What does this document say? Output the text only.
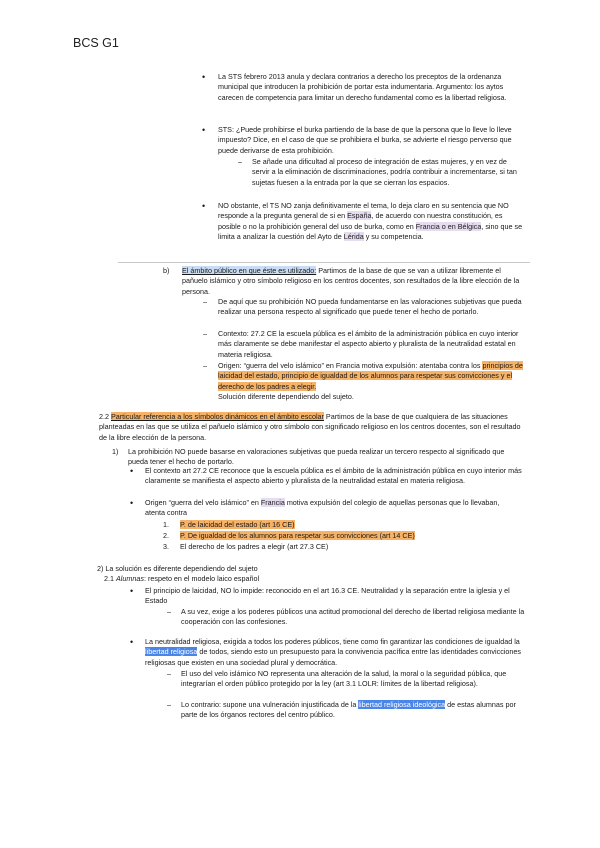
BCS G1
• La STS febrero 2013 anula y declara contrarios a derecho los preceptos de la ordenanza municipal que introducen la prohibición de portar esta indumentaria. Argumento: los aytos carecen de competencia para limitar un derecho fundamental como es la libertad religiosa.
• STS: ¿Puede prohibirse el burka partiendo de la base de que la persona que lo lleve lo lleve impuesto? Dice, en el caso de que se prohibiera el burka, se advierte el riesgo perverso que puede derivarse de esta prohibición.
– Se añade una dificultad al proceso de integración de estas mujeres, y en vez de servir a la eliminación de discriminaciones, podría contribuir a incrementarse, si tan sujetas fuesen a la entrada por la que se cierran los espacios.
• NO obstante, el TS NO zanja definitivamente el tema, lo deja claro en su sentencia que NO responde a la pregunta general de si en España, de acuerdo con nuestra constitución, es posible o no la prohibición general del uso de burka, como en Francia o en Bélgica, sino que se limita a analizar la cuestión del Ayto de Lérida y su competencia.
b) El ámbito público en que éste es utilizado: Partimos de la base de que se van a utilizar libremente el pañuelo islámico y otro símbolo religioso en los centros docentes, son resultados de la libre elección de la persona.
– De aquí que su prohibición NO pueda fundamentarse en las valoraciones subjetivas que pueda realizar una persona respecto al significado que puede tener el hecho de portarlo.
– Contexto: 27.2 CE la escuela pública es el ámbito de la administración pública en cuyo interior más claramente se debe manifestar el aspecto abierto y pluralista de la neutralidad estatal en materia religiosa.
– Origen: “guerra del velo islámico” en Francia motiva expulsión: atentaba contra los principios de laicidad del estado, principio de igualdad de los alumnos para respetar sus convicciones y el derecho de los padres a elegir.
Solución diferente dependiendo del sujeto.
2.2 Particular referencia a los símbolos dinámicos en el ámbito escolar Partimos de la base de que cualquiera de las situaciones planteadas en las que se utiliza el pañuelo islámico y otro símbolo con significado religioso en los centros docentes, son el resultado de la libre elección de la persona.
1) La prohibición NO puede basarse en valoraciones subjetivas que pueda realizar un tercero respecto al significado que pueda tener el hecho de portarlo.
• El contexto art 27.2 CE reconoce que la escuela pública es el ámbito de la administración pública en cuyo interior más claramente se manifiesta el aspecto abierto y pluralista de la neutralidad estatal en materia religiosa.
• Origen “guerra del velo islámico” en Francia motiva expulsión del colegio de aquellas personas que lo llevaban, atenta contra
1. P. de laicidad del estado (art 16 CE)
2. P. De igualdad de los alumnos para respetar sus convicciones (art 14 CE)
3. El derecho de los padres a elegir (art 27.3 CE)
2) La solución es diferente dependiendo del sujeto
2.1 Alumnas: respeto en el modelo laico español
• El principio de laicidad, NO lo impide: reconocido en el art 16.3 CE. Neutralidad y la separación entre la iglesia y el Estado
– A su vez, exige a los poderes públicos una actitud promocional del derecho de libertad religiosa mediante la cooperación con las confesiones.
• La neutralidad religiosa, exigida a todos los poderes públicos, tiene como fin garantizar las condiciones de igualdad la libertad religiosa de todos, siendo esto un presupuesto para la convivencia pacífica entre las identidades convicciones religiosas que existen en una sociedad plural y democrática.
– El uso del velo islámico NO representa una alteración de la salud, la moral o la seguridad pública, que integrarían el orden público protegido por la ley (art 3.1 LOLR: límites de la libertad religiosa).
– Lo contrario: supone una vulneración injustificada de la libertad religiosa ideológica de estas alumnas por parte de los órganos rectores del centro público.
